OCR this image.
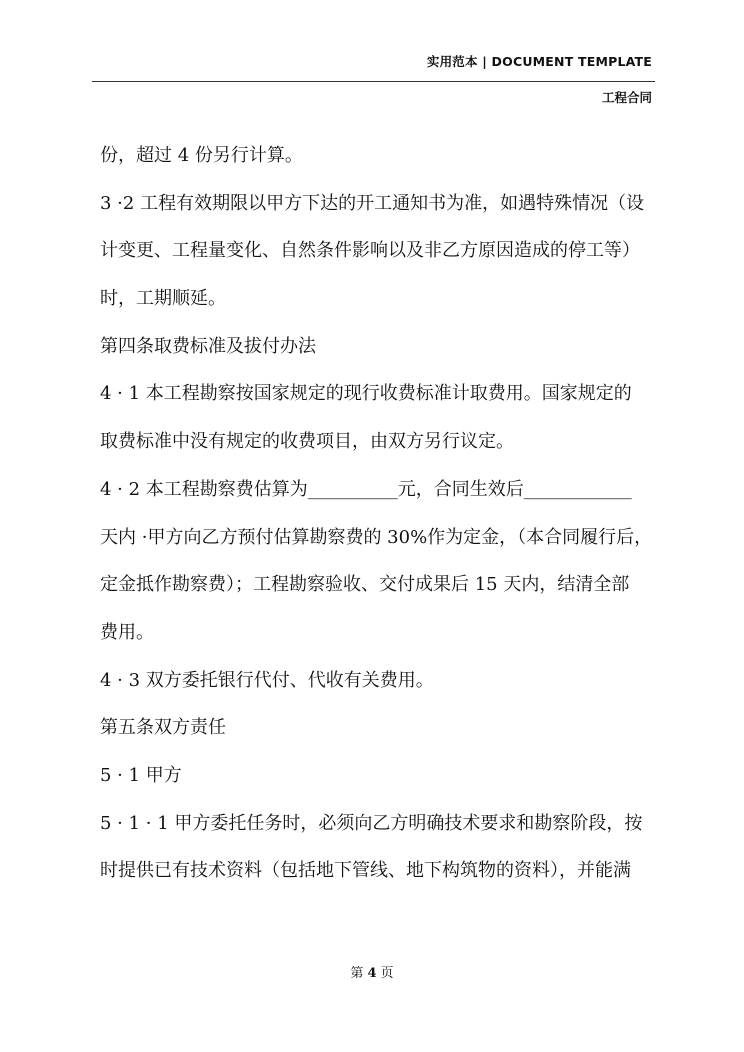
实用范本 | DOCUMENT TEMPLATE
工程合同
份，超过 4 份另行计算。
3 ·2 工程有效期限以甲方下达的开工通知书为准，如遇特殊情况（设
计变更、工程量变化、自然条件影响以及非乙方原因造成的停工等）
时，工期顺延。
第四条取费标准及拔付办法
4 · 1 本工程勘察按国家规定的现行收费标准计取费用。国家规定的
取费标准中没有规定的收费项目，由双方另行议定。
4 · 2 本工程勘察费估算为__________元，合同生效后____________
天内 ·甲方向乙方预付估算勘察费的 30%作为定金，（本合同履行后，
定金抵作勘察费）；工程勘察验收、交付成果后 15 天内，结清全部
费用。
4 · 3 双方委托银行代付、代收有关费用。
第五条双方责任
5 · 1 甲方
5 · 1 · 1 甲方委托任务时，必须向乙方明确技术要求和勘察阶段，按
时提供已有技术资料（包括地下管线、地下构筑物的资料），并能满
第 4 页
